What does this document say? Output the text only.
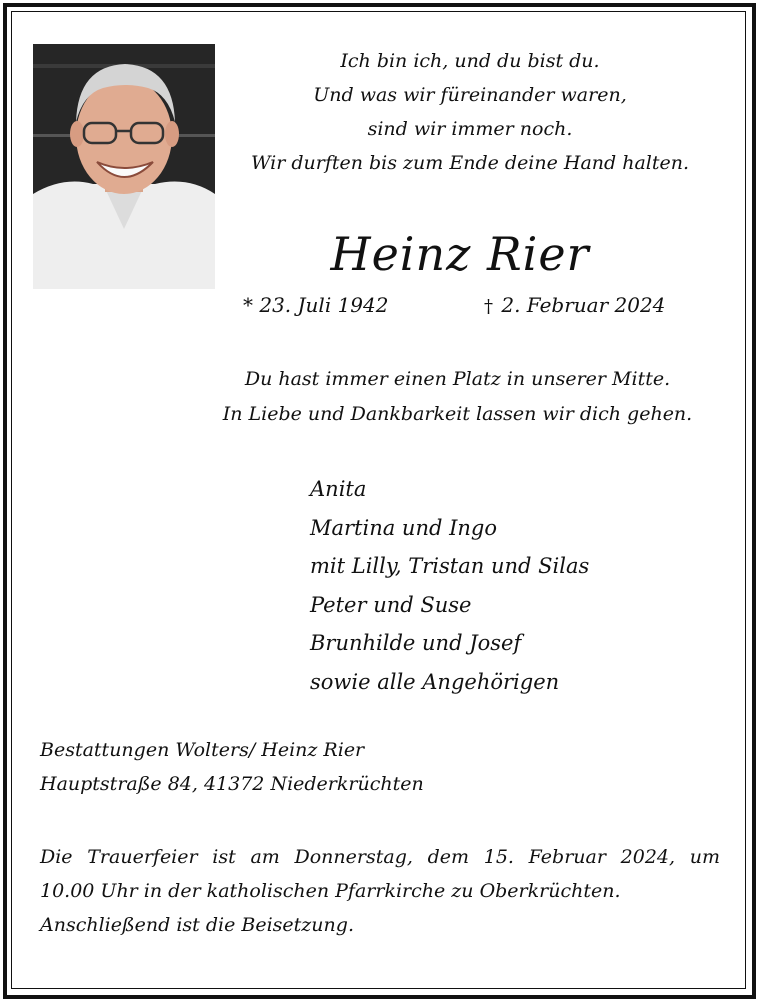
Ich bin ich, und du bist du.
Und was wir füreinander waren,
sind wir immer noch.
Wir durften bis zum Ende deine Hand halten.
Heinz Rier
* 23. Juli 1942	† 2. Februar 2024
Du hast immer einen Platz in unserer Mitte.
In Liebe und Dankbarkeit lassen wir dich gehen.
Anita
Martina und Ingo
mit Lilly, Tristan und Silas
Peter und Suse
Brunhilde und Josef
sowie alle Angehörigen
Bestattungen Wolters/ Heinz Rier
Hauptstraße 84, 41372 Niederkrüchten
Die Trauerfeier ist am Donnerstag, dem 15. Februar 2024, um
10.00 Uhr in der katholischen Pfarrkirche zu Oberkrüchten.
Anschließend ist die Beisetzung.
